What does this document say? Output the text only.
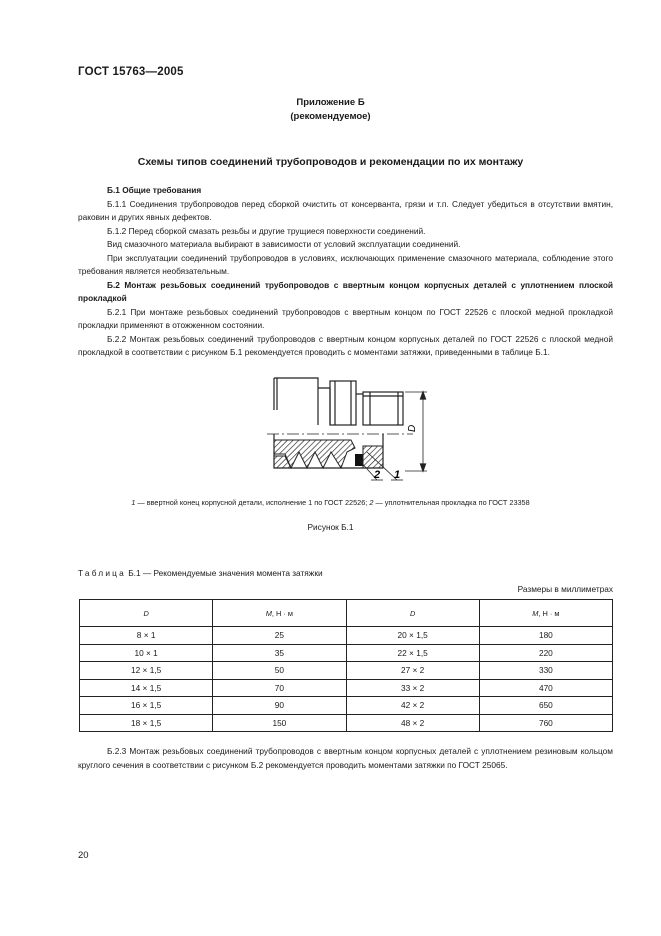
ГОСТ 15763—2005
Приложение Б
(рекомендуемое)
Схемы типов соединений трубопроводов и рекомендации по их монтажу

Б.1 Общие требования

Б.1.1 Соединения трубопроводов перед сборкой очистить от консерванта, грязи и т.п. Следует убедиться в отсутствии вмятин, раковин и других явных дефектов.

Б.1.2 Перед сборкой смазать резьбы и другие трущиеся поверхности соединений.

Вид смазочного материала выбирают в зависимости от условий эксплуатации соединений.

При эксплуатации соединений трубопроводов в условиях, исключающих применение смазочного материала, соблюдение этого требования является необязательным.

Б.2 Монтаж резьбовых соединений трубопроводов с ввертным концом корпусных деталей с уплотнением плоской прокладкой

Б.2.1 При монтаже резьбовых соединений трубопроводов с ввертным концом по ГОСТ 22526 с плоской медной прокладкой прокладки применяют в отожженном состоянии.

Б.2.2 Монтаж резьбовых соединений трубопроводов с ввертным концом корпусных деталей по ГОСТ 22526 с плоской медной прокладкой в соответствии с рисунком Б.1 рекомендуется проводить с моментами затяжки, приведенными в таблице Б.1.

2 1
D
1 — ввертной конец корпусной детали, исполнение 1 по ГОСТ 22526; 2 — уплотнительная прокладка по ГОСТ 23358
Рисунок Б.1
Таблица Б.1 — Рекомендуемые значения момента затяжки
Размеры в миллиметрах
D	M, Н · м	D	M, Н · м
8 × 1	25	20 × 1,5	180
10 × 1	35	22 × 1,5	220
12 × 1,5	50	27 × 2	330
14 × 1,5	70	33 × 2	470
16 × 1,5	90	42 × 2	650
18 × 1,5	150	48 × 2	760

Б.2.3 Монтаж резьбовых соединений трубопроводов с ввертным концом корпусных деталей с уплотнением резиновым кольцом круглого сечения в соответствии с рисунком Б.2 рекомендуется проводить моментами затяжки по ГОСТ 25065.

20
